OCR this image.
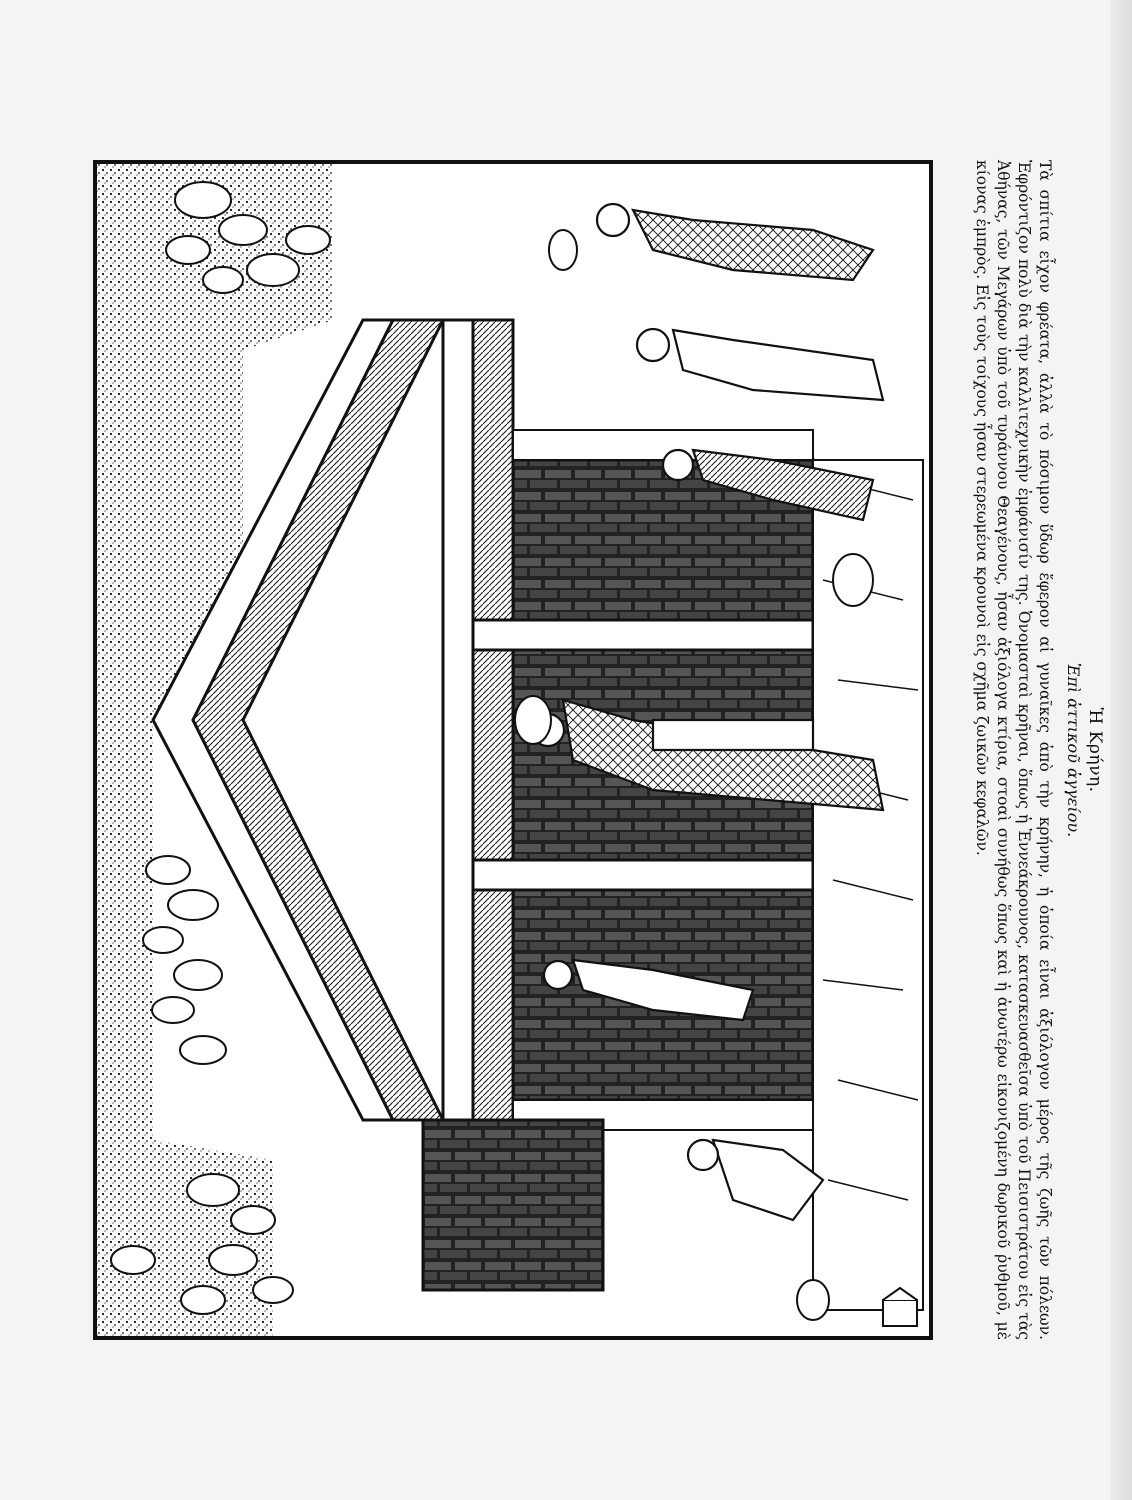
Ἡ Κρήνη.
Ἐπὶ ἀττικοῦ ἀγγείου.

Τὰ σπίτια εἶχον φρέατα, ἀλλὰ τὸ πόσιμον ὕδωρ ἔφερον αἱ γυναῖκες ἀπὸ τὴν κρήνην, ἡ ὁποία εἶναι ἀξιόλογον μέρος τῆς ζωῆς τῶν πόλεων. Ἐφρόντιζον πολὺ διὰ τὴν καλλιτεχνικὴν ἐμφάνισίν της. Ὀνομασταὶ κρῆναι, ὅπως ἡ Ἐννεάκρουνος, κατασκευασθεῖσα ὑπὸ τοῦ Πεισιστράτου εἰς τὰς Ἀθήνας, τῶν Μεγάρων ὑπὸ τοῦ τυράννου Θεαγένους, ἦσαν ἀξιόλογα κτίρια, στοαὶ συνήθως ὅπως καὶ ἡ ἀνωτέρω εἰκονιζομένη δωρικοῦ ῥυθμοῦ, μὲ κίονας ἐμπρὸς. Εἰς τοὺς τοίχους ἦσαν στερεωμένα κρουνοὶ εἰς σχῆμα ζωικῶν κεφαλῶν.
